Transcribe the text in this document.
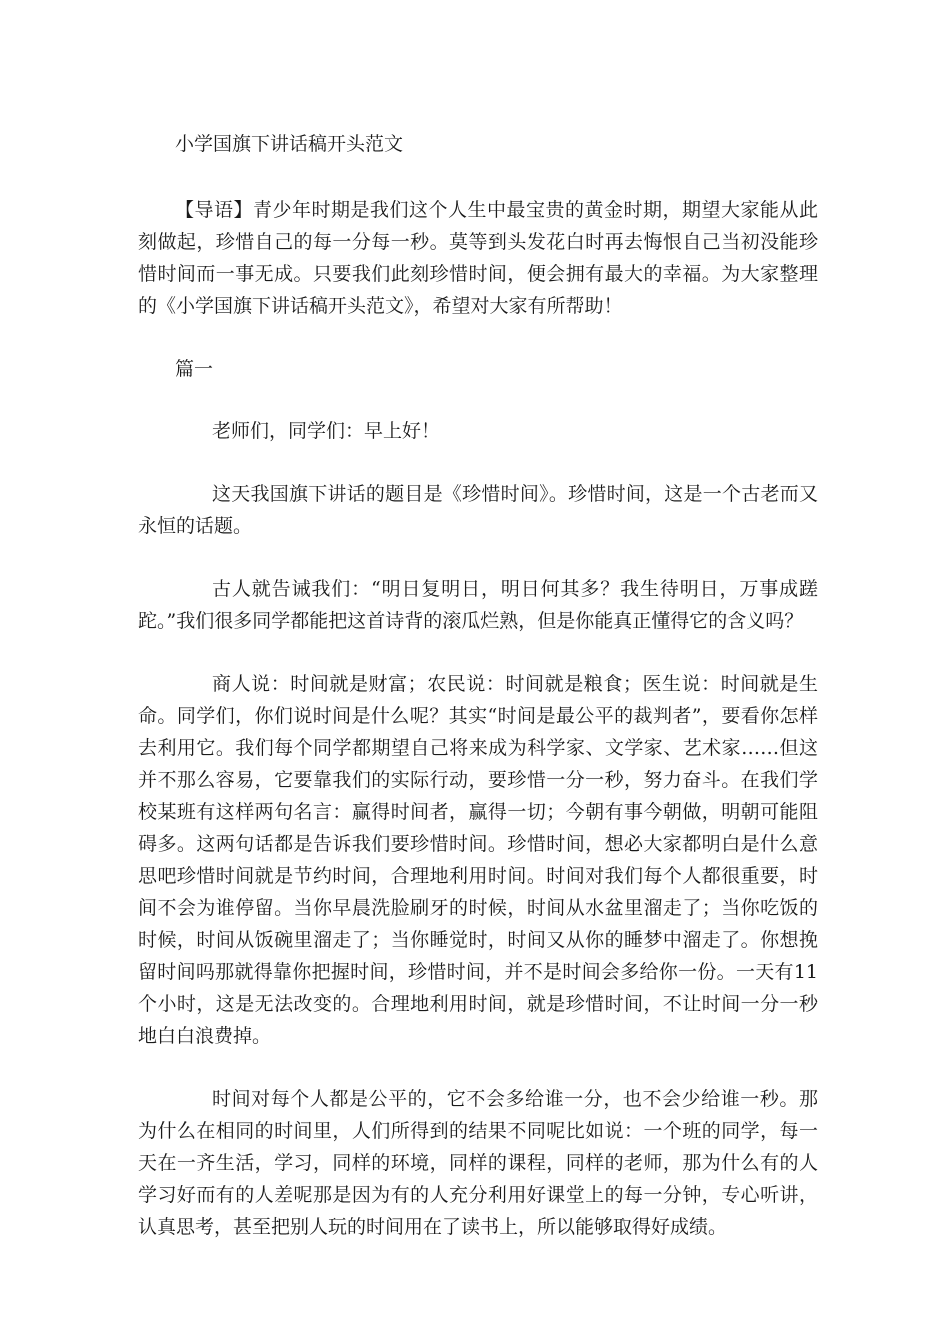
小学国旗下讲话稿开头范文

【导语】青少年时期是我们这个人生中最宝贵的黄金时期，期望大家能从此刻做起，珍惜自己的每一分每一秒。莫等到头发花白时再去悔恨自己当初没能珍惜时间而一事无成。只要我们此刻珍惜时间，便会拥有最大的幸福。为大家整理的《小学国旗下讲话稿开头范文》，希望对大家有所帮助！

篇一

老师们，同学们：早上好！

这天我国旗下讲话的题目是《珍惜时间》。珍惜时间，这是一个古老而又永恒的话题。

古人就告诫我们：“明日复明日，明日何其多？我生待明日，万事成蹉跎。”我们很多同学都能把这首诗背的滚瓜烂熟，但是你能真正懂得它的含义吗？

商人说：时间就是财富；农民说：时间就是粮食；医生说：时间就是生命。同学们，你们说时间是什么呢？其实“时间是最公平的裁判者”，要看你怎样去利用它。我们每个同学都期望自己将来成为科学家、文学家、艺术家……但这并不那么容易，它要靠我们的实际行动，要珍惜一分一秒，努力奋斗。在我们学校某班有这样两句名言：赢得时间者，赢得一切；今朝有事今朝做，明朝可能阻碍多。这两句话都是告诉我们要珍惜时间。珍惜时间，想必大家都明白是什么意思吧珍惜时间就是节约时间，合理地利用时间。时间对我们每个人都很重要，时间不会为谁停留。当你早晨洗脸刷牙的时候，时间从水盆里溜走了；当你吃饭的时候，时间从饭碗里溜走了；当你睡觉时，时间又从你的睡梦中溜走了。你想挽留时间吗那就得靠你把握时间，珍惜时间，并不是时间会多给你一份。一天有11个小时，这是无法改变的。合理地利用时间，就是珍惜时间，不让时间一分一秒地白白浪费掉。

时间对每个人都是公平的，它不会多给谁一分，也不会少给谁一秒。那为什么在相同的时间里，人们所得到的结果不同呢比如说：一个班的同学，每一天在一齐生活，学习，同样的环境，同样的课程，同样的老师，那为什么有的人学习好而有的人差呢那是因为有的人充分利用好课堂上的每一分钟，专心听讲，认真思考，甚至把别人玩的时间用在了读书上，所以能够取得好成绩。
